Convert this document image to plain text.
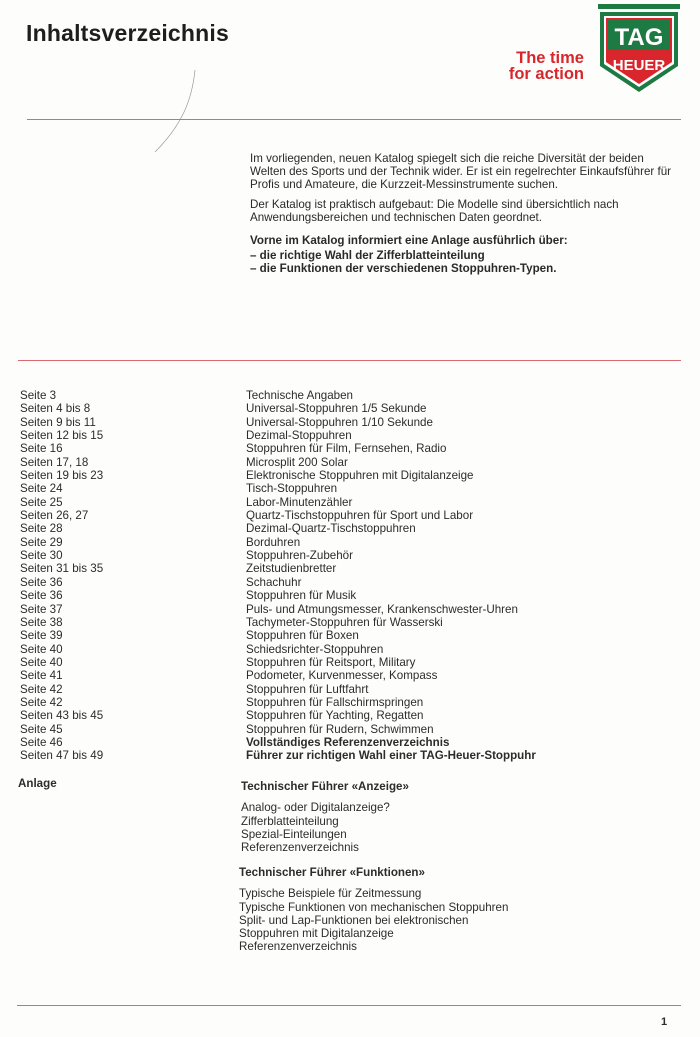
Inhaltsverzeichnis
The time
for action
TAG
HEUER

Im vorliegenden, neuen Katalog spiegelt sich die reiche Diversität der beiden Welten des Sports und der Technik wider. Er ist ein regelrechter Einkaufsführer für Profis und Amateure, die Kurzzeit-Messinstrumente suchen.

Der Katalog ist praktisch aufgebaut: Die Modelle sind übersichtlich nach Anwendungsbereichen und technischen Daten geordnet.

Vorne im Katalog informiert eine Anlage ausführlich über:

– die richtige Wahl der Zifferblatteinteilung

– die Funktionen der verschiedenen Stoppuhren-Typen.

Seite 3
Seiten 4 bis 8
Seiten 9 bis 11
Seiten 12 bis 15
Seite 16
Seiten 17, 18
Seiten 19 bis 23
Seite 24
Seite 25
Seiten 26, 27
Seite 28
Seite 29
Seite 30
Seiten 31 bis 35
Seite 36
Seite 36
Seite 37
Seite 38
Seite 39
Seite 40
Seite 40
Seite 41
Seite 42
Seite 42
Seiten 43 bis 45
Seite 45
Seite 46
Seiten 47 bis 49
Technische Angaben
Universal-Stoppuhren 1/5 Sekunde
Universal-Stoppuhren 1/10 Sekunde
Dezimal-Stoppuhren
Stoppuhren für Film, Fernsehen, Radio
Microsplit 200 Solar
Elektronische Stoppuhren mit Digitalanzeige
Tisch-Stoppuhren
Labor-Minutenzähler
Quartz-Tischstoppuhren für Sport und Labor
Dezimal-Quartz-Tischstoppuhren
Borduhren
Stoppuhren-Zubehör
Zeitstudienbretter
Schachuhr
Stoppuhren für Musik
Puls- und Atmungsmesser, Krankenschwester-Uhren
Tachymeter-Stoppuhren für Wasserski
Stoppuhren für Boxen
Schiedsrichter-Stoppuhren
Stoppuhren für Reitsport, Military
Podometer, Kurvenmesser, Kompass
Stoppuhren für Luftfahrt
Stoppuhren für Fallschirmspringen
Stoppuhren für Yachting, Regatten
Stoppuhren für Rudern, Schwimmen
Vollständiges Referenzenverzeichnis
Führer zur richtigen Wahl einer TAG-Heuer-Stoppuhr
Anlage	Technischer Führer «Anzeige»
Analog- oder Digitalanzeige?
Zifferblatteinteilung
Spezial-Einteilungen
Referenzenverzeichnis
Technischer Führer «Funktionen»
Typische Beispiele für Zeitmessung
Typische Funktionen von mechanischen Stoppuhren
Split- und Lap-Funktionen bei elektronischen
Stoppuhren mit Digitalanzeige
Referenzenverzeichnis
1
